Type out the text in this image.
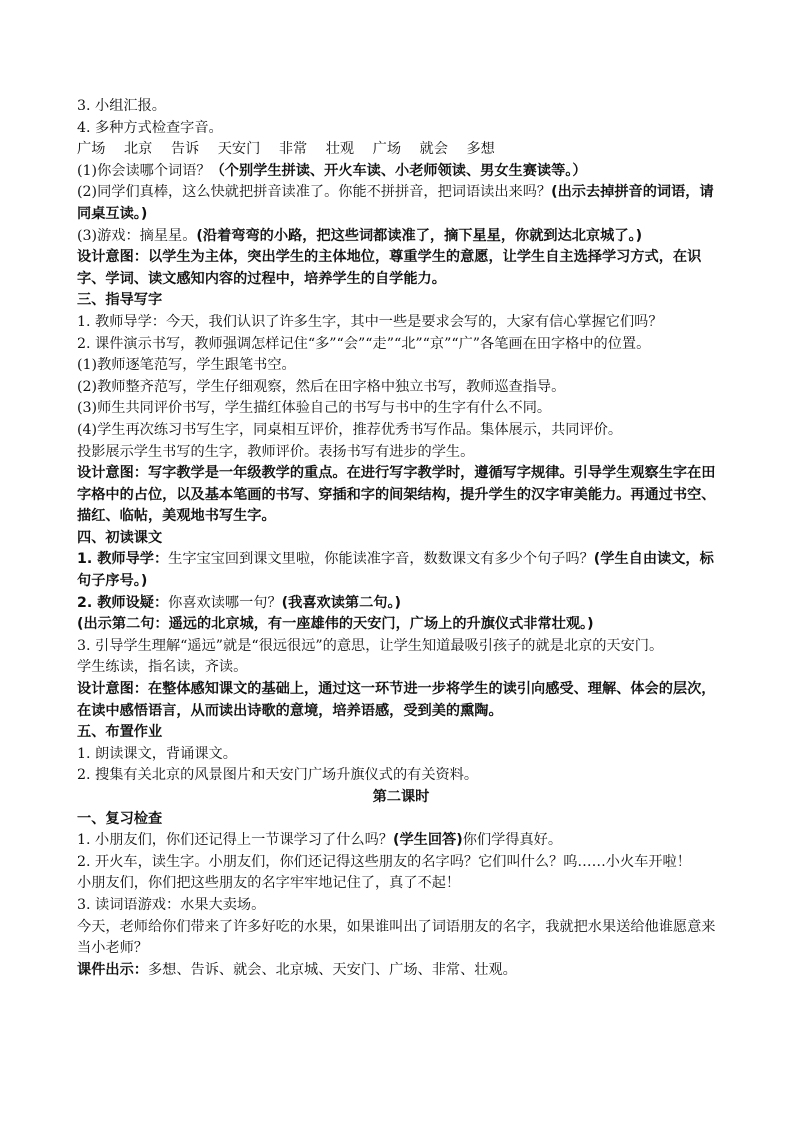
3. 小组汇报。
4. 多种方式检查字音。
广场 北京 告诉 天安门 非常 壮观 广场 就会 多想
(1)你会读哪个词语？（个别学生拼读、开火车读、小老师领读、男女生赛读等。）
(2)同学们真棒，这么快就把拼音读准了。你能不拼拼音，把词语读出来吗？(出示去掉拼音的词语，请同桌互读。)
(3)游戏：摘星星。(沿着弯弯的小路，把这些词都读准了，摘下星星，你就到达北京城了。)
设计意图：以学生为主体，突出学生的主体地位，尊重学生的意愿，让学生自主选择学习方式，在识字、学词、读文感知内容的过程中，培养学生的自学能力。
三、指导写字
1. 教师导学：今天，我们认识了许多生字，其中一些是要求会写的，大家有信心掌握它们吗？
2. 课件演示书写，教师强调怎样记住“多”“会”“走”“北”“京”“广”各笔画在田字格中的位置。
(1)教师逐笔范写，学生跟笔书空。
(2)教师整齐范写，学生仔细观察，然后在田字格中独立书写，教师巡查指导。
(3)师生共同评价书写，学生描红体验自己的书写与书中的生字有什么不同。
(4)学生再次练习书写生字，同桌相互评价，推荐优秀书写作品。集体展示，共同评价。
投影展示学生书写的生字，教师评价。表扬书写有进步的学生。
设计意图：写字教学是一年级教学的重点。在进行写字教学时，遵循写字规律。引导学生观察生字在田字格中的占位，以及基本笔画的书写、穿插和字的间架结构，提升学生的汉字审美能力。再通过书空、描红、临帖，美观地书写生字。
四、初读课文
1. 教师导学：生字宝宝回到课文里啦，你能读准字音，数数课文有多少个句子吗？(学生自由读文，标句子序号。)
2. 教师设疑：你喜欢读哪一句？(我喜欢读第二句。)
(出示第二句：遥远的北京城，有一座雄伟的天安门，广场上的升旗仪式非常壮观。)
3. 引导学生理解“遥远”就是“很远很远”的意思，让学生知道最吸引孩子的就是北京的天安门。
学生练读，指名读，齐读。
设计意图：在整体感知课文的基础上，通过这一环节进一步将学生的读引向感受、理解、体会的层次，在读中感悟语言，从而读出诗歌的意境，培养语感，受到美的熏陶。
五、布置作业
1. 朗读课文，背诵课文。
2. 搜集有关北京的风景图片和天安门广场升旗仪式的有关资料。
第二课时
一、复习检查
1. 小朋友们，你们还记得上一节课学习了什么吗？(学生回答)你们学得真好。
2. 开火车，读生字。小朋友们，你们还记得这些朋友的名字吗？它们叫什么？呜……小火车开啦！
小朋友们，你们把这些朋友的名字牢牢地记住了，真了不起！
3. 读词语游戏：水果大卖场。
今天，老师给你们带来了许多好吃的水果，如果谁叫出了词语朋友的名字，我就把水果送给他谁愿意来当小老师？
课件出示：多想、告诉、就会、北京城、天安门、广场、非常、壮观。
